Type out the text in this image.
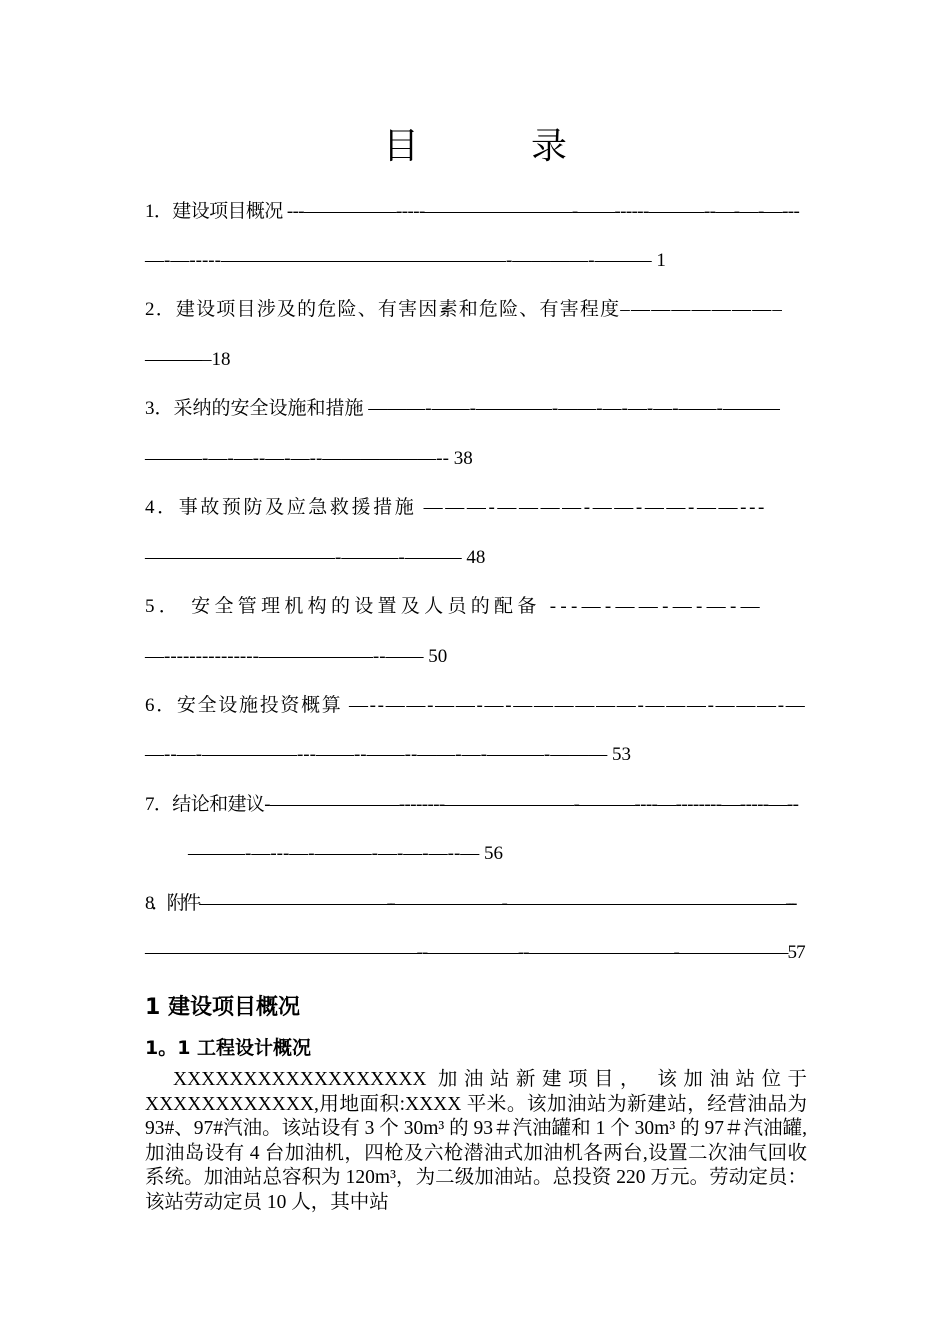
目　录
1．建设项目概况 ---—————-----————————-——------———--—-—-—---
—-—-----———————————————-————-——— 1
2．建设项目涉及的危险、有害因素和危险、有害程度–———————–
———–18
3．采纳的安全设施和措施 ———-——-————-——-—-—-—-——-———
———-—-—--—-—--——————-- 38
4．事故预防及应急救援措施 ———-————-——-——-——---
——————————-———-——— 48
5． 安全管理机构的设置及人员的配备 ---—-——-—-—-—
—---------------——————--—— 50
6．安全设施投资概算 —--——-——-—-——————-———-———-—
—--—-—————---——--——--——-—-———-——— 53
7．结论和建议-———————--------———————-———----—--------—-----—--
———-—---—-———-—-—-—--— 56
8．附件 ————————————--———————-——————————————————---
———————————————--—————--————————-——————57
1 建设项目概况
1。1 工程设计概况
XXXXXXXXXXXXXXXXXX 加油站新建项目， 该加油站位于 XXXXXXXXXXXX,用地面积:XXXX 平米。该加油站为新建站，经营油品为 93#、97#汽油。该站设有 3 个 30m³ 的 93＃汽油罐和 1 个 30m³ 的 97＃汽油罐,加油岛设有 4 台加油机，四枪及六枪潜油式加油机各两台,设置二次油气回收系统。加油站总容积为 120m³，为二级加油站。总投资 220 万元。劳动定员：该站劳动定员 10 人，其中站
